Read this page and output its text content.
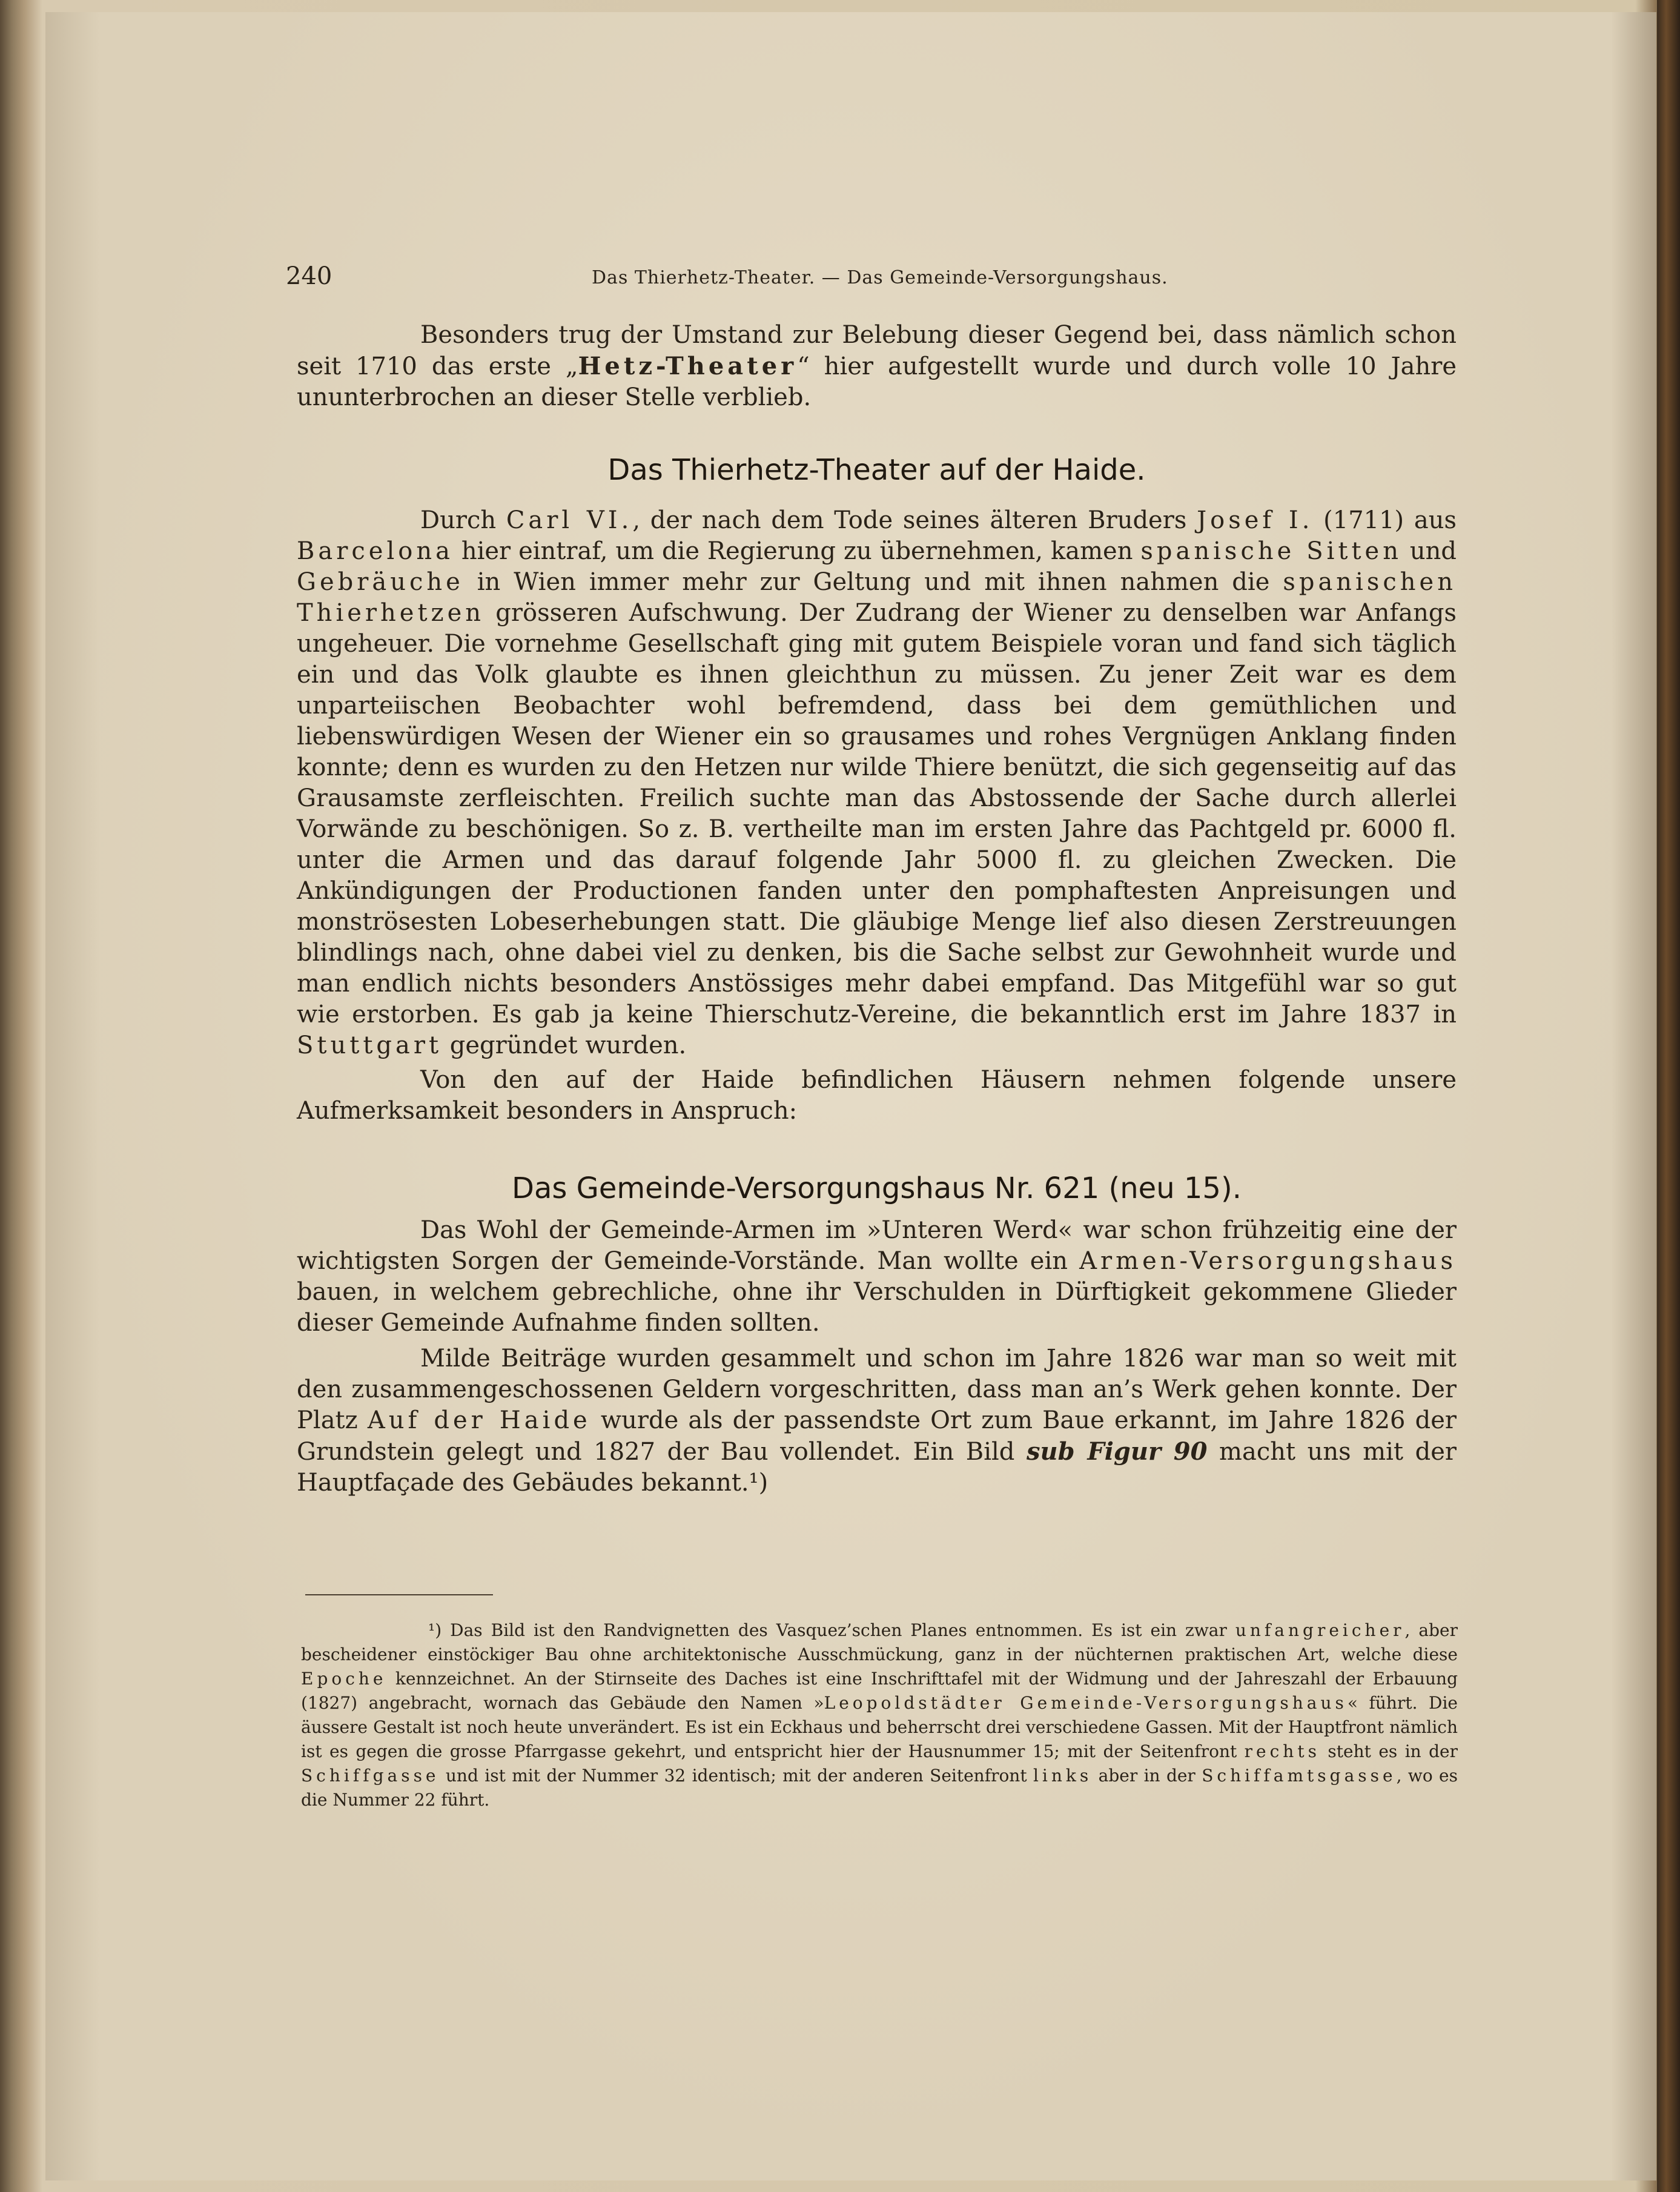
240	Das Thierhetz-Theater. — Das Gemeinde-Versorgungshaus.

Besonders trug der Umstand zur Belebung dieser Gegend bei, dass nämlich schon seit 1710 das erste „Hetz-Theater“ hier aufgestellt wurde und durch volle 10 Jahre ununterbrochen an dieser Stelle verblieb.

Das Thierhetz-Theater auf der Haide.

Durch Carl VI., der nach dem Tode seines älteren Bruders Josef I. (1711) aus Barcelona hier eintraf, um die Regierung zu übernehmen, kamen spanische Sitten und Gebräuche in Wien immer mehr zur Geltung und mit ihnen nahmen die spanischen Thierhetzen grösseren Aufschwung. Der Zudrang der Wiener zu denselben war Anfangs ungeheuer. Die vornehme Gesellschaft ging mit gutem Beispiele voran und fand sich täglich ein und das Volk glaubte es ihnen gleichthun zu müssen. Zu jener Zeit war es dem unparteiischen Beobachter wohl befremdend, dass bei dem gemüthlichen und liebenswürdigen Wesen der Wiener ein so grausames und rohes Vergnügen Anklang finden konnte; denn es wurden zu den Hetzen nur wilde Thiere benützt, die sich gegenseitig auf das Grausamste zerfleischten. Freilich suchte man das Abstossende der Sache durch allerlei Vorwände zu beschönigen. So z. B. vertheilte man im ersten Jahre das Pachtgeld pr. 6000 fl. unter die Armen und das darauf folgende Jahr 5000 fl. zu gleichen Zwecken. Die Ankündigungen der Productionen fanden unter den pomphaftesten Anpreisungen und monströsesten Lobeserhebungen statt. Die gläubige Menge lief also diesen Zerstreuungen blindlings nach, ohne dabei viel zu denken, bis die Sache selbst zur Gewohnheit wurde und man endlich nichts besonders Anstössiges mehr dabei empfand. Das Mitgefühl war so gut wie erstorben. Es gab ja keine Thierschutz-Vereine, die bekanntlich erst im Jahre 1837 in Stuttgart gegründet wurden.

Von den auf der Haide befindlichen Häusern nehmen folgende unsere Aufmerksamkeit besonders in Anspruch:

Das Gemeinde-Versorgungshaus Nr. 621 (neu 15).

Das Wohl der Gemeinde-Armen im »Unteren Werd« war schon frühzeitig eine der wichtigsten Sorgen der Gemeinde-Vorstände. Man wollte ein Armen-Versorgungshaus bauen, in welchem gebrechliche, ohne ihr Verschulden in Dürftigkeit gekommene Glieder dieser Gemeinde Aufnahme finden sollten.

Milde Beiträge wurden gesammelt und schon im Jahre 1826 war man so weit mit den zusammengeschossenen Geldern vorgeschritten, dass man an’s Werk gehen konnte. Der Platz Auf der Haide wurde als der passendste Ort zum Baue erkannt, im Jahre 1826 der Grundstein gelegt und 1827 der Bau vollendet. Ein Bild sub Figur 90 macht uns mit der Hauptfaçade des Gebäudes bekannt.¹)

¹) Das Bild ist den Randvignetten des Vasquez’schen Planes entnommen. Es ist ein zwar unfangreicher, aber bescheidener einstöckiger Bau ohne architektonische Ausschmückung, ganz in der nüchternen praktischen Art, welche diese Epoche kennzeichnet. An der Stirnseite des Daches ist eine Inschrifttafel mit der Widmung und der Jahreszahl der Erbauung (1827) angebracht, wornach das Gebäude den Namen »Leopoldstädter Gemeinde-Versorgungshaus« führt. Die äussere Gestalt ist noch heute unverändert. Es ist ein Eckhaus und beherrscht drei verschiedene Gassen. Mit der Hauptfront nämlich ist es gegen die grosse Pfarrgasse gekehrt, und entspricht hier der Hausnummer 15; mit der Seitenfront rechts steht es in der Schiffgasse und ist mit der Nummer 32 identisch; mit der anderen Seitenfront links aber in der Schiffamtsgasse, wo es die Nummer 22 führt.
